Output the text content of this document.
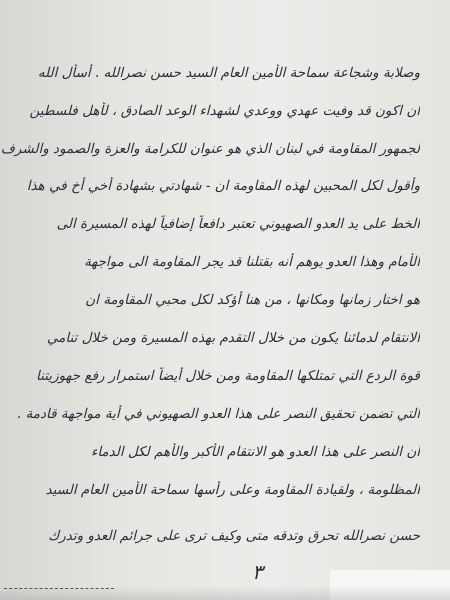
وصلابة وشجاعة سماحة الأمين العام السيد حسن نصرالله . أسأل الله
ان اكون قد وفيت عهدي ووعدي لشهداء الوعد الصادق ، لأهل فلسطين
لجمهور المقاومة في لبنان الذي هو عنوان للكرامة والعزة والصمود والشرف
وأقول لكل المحبين لهذه المقاومة ان - شهادتي بشهادة أخي أخ في هذا
الخط على يد العدو الصهيوني تعتبر دافعاً إضافياً لهذه المسيرة الى
الأمام وهذا العدو يوهم أنه بقتلنا قد يجر المقاومة الى مواجهة
هو اختار زمانها ومكانها ، من هنا أؤكد لكل محبي المقاومة ان
الانتقام لدمائنا يكون من خلال التقدم بهذه المسيرة ومن خلال تنامي
قوة الردع التي تمتلكها المقاومة ومن خلال أيضاً استمرار رفع جهوزيتنا
التي تضمن تحقيق النصر على هذا العدو الصهيوني في أية مواجهة قادمة .
أن النصر على هذا العدو هو الانتقام الأكبر والأهم لكل الدماء
المظلومة ، ولقيادة المقاومة وعلى رأسها سماحة الأمين العام السيد
حسن نصرالله تحرق وتدقه متى وكيف ترى على جرائم العدو وتدرك
٣
